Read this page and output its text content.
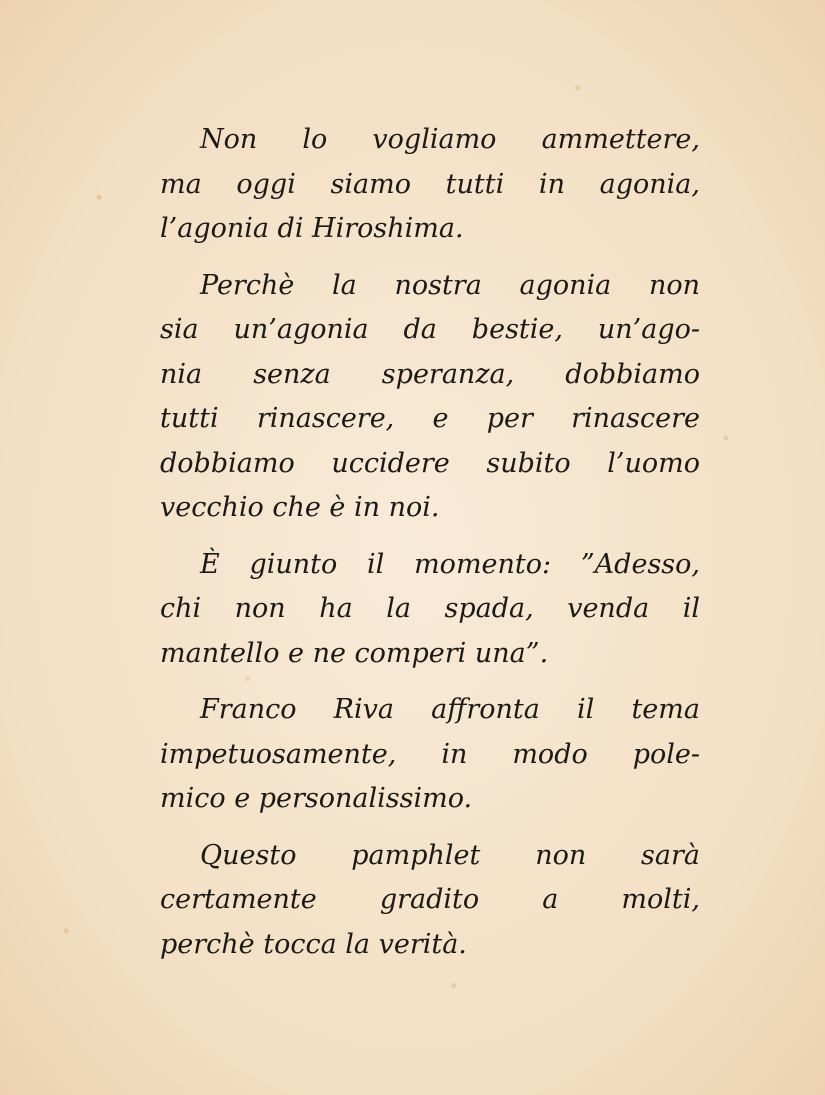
Non lo vogliamo ammettere,
ma oggi siamo tutti in agonia,
l’agonia di Hiroshima.
Perchè la nostra agonia non
sia un’agonia da bestie, un’ago-
nia senza speranza, dobbiamo
tutti rinascere, e per rinascere
dobbiamo uccidere subito l’uomo
vecchio che è in noi.
È giunto il momento: ”Adesso,
chi non ha la spada, venda il
mantello e ne comperi una”.
Franco Riva affronta il tema
impetuosamente, in modo pole-
mico e personalissimo.
Questo pamphlet non sarà
certamente gradito a molti,
perchè tocca la verità.
